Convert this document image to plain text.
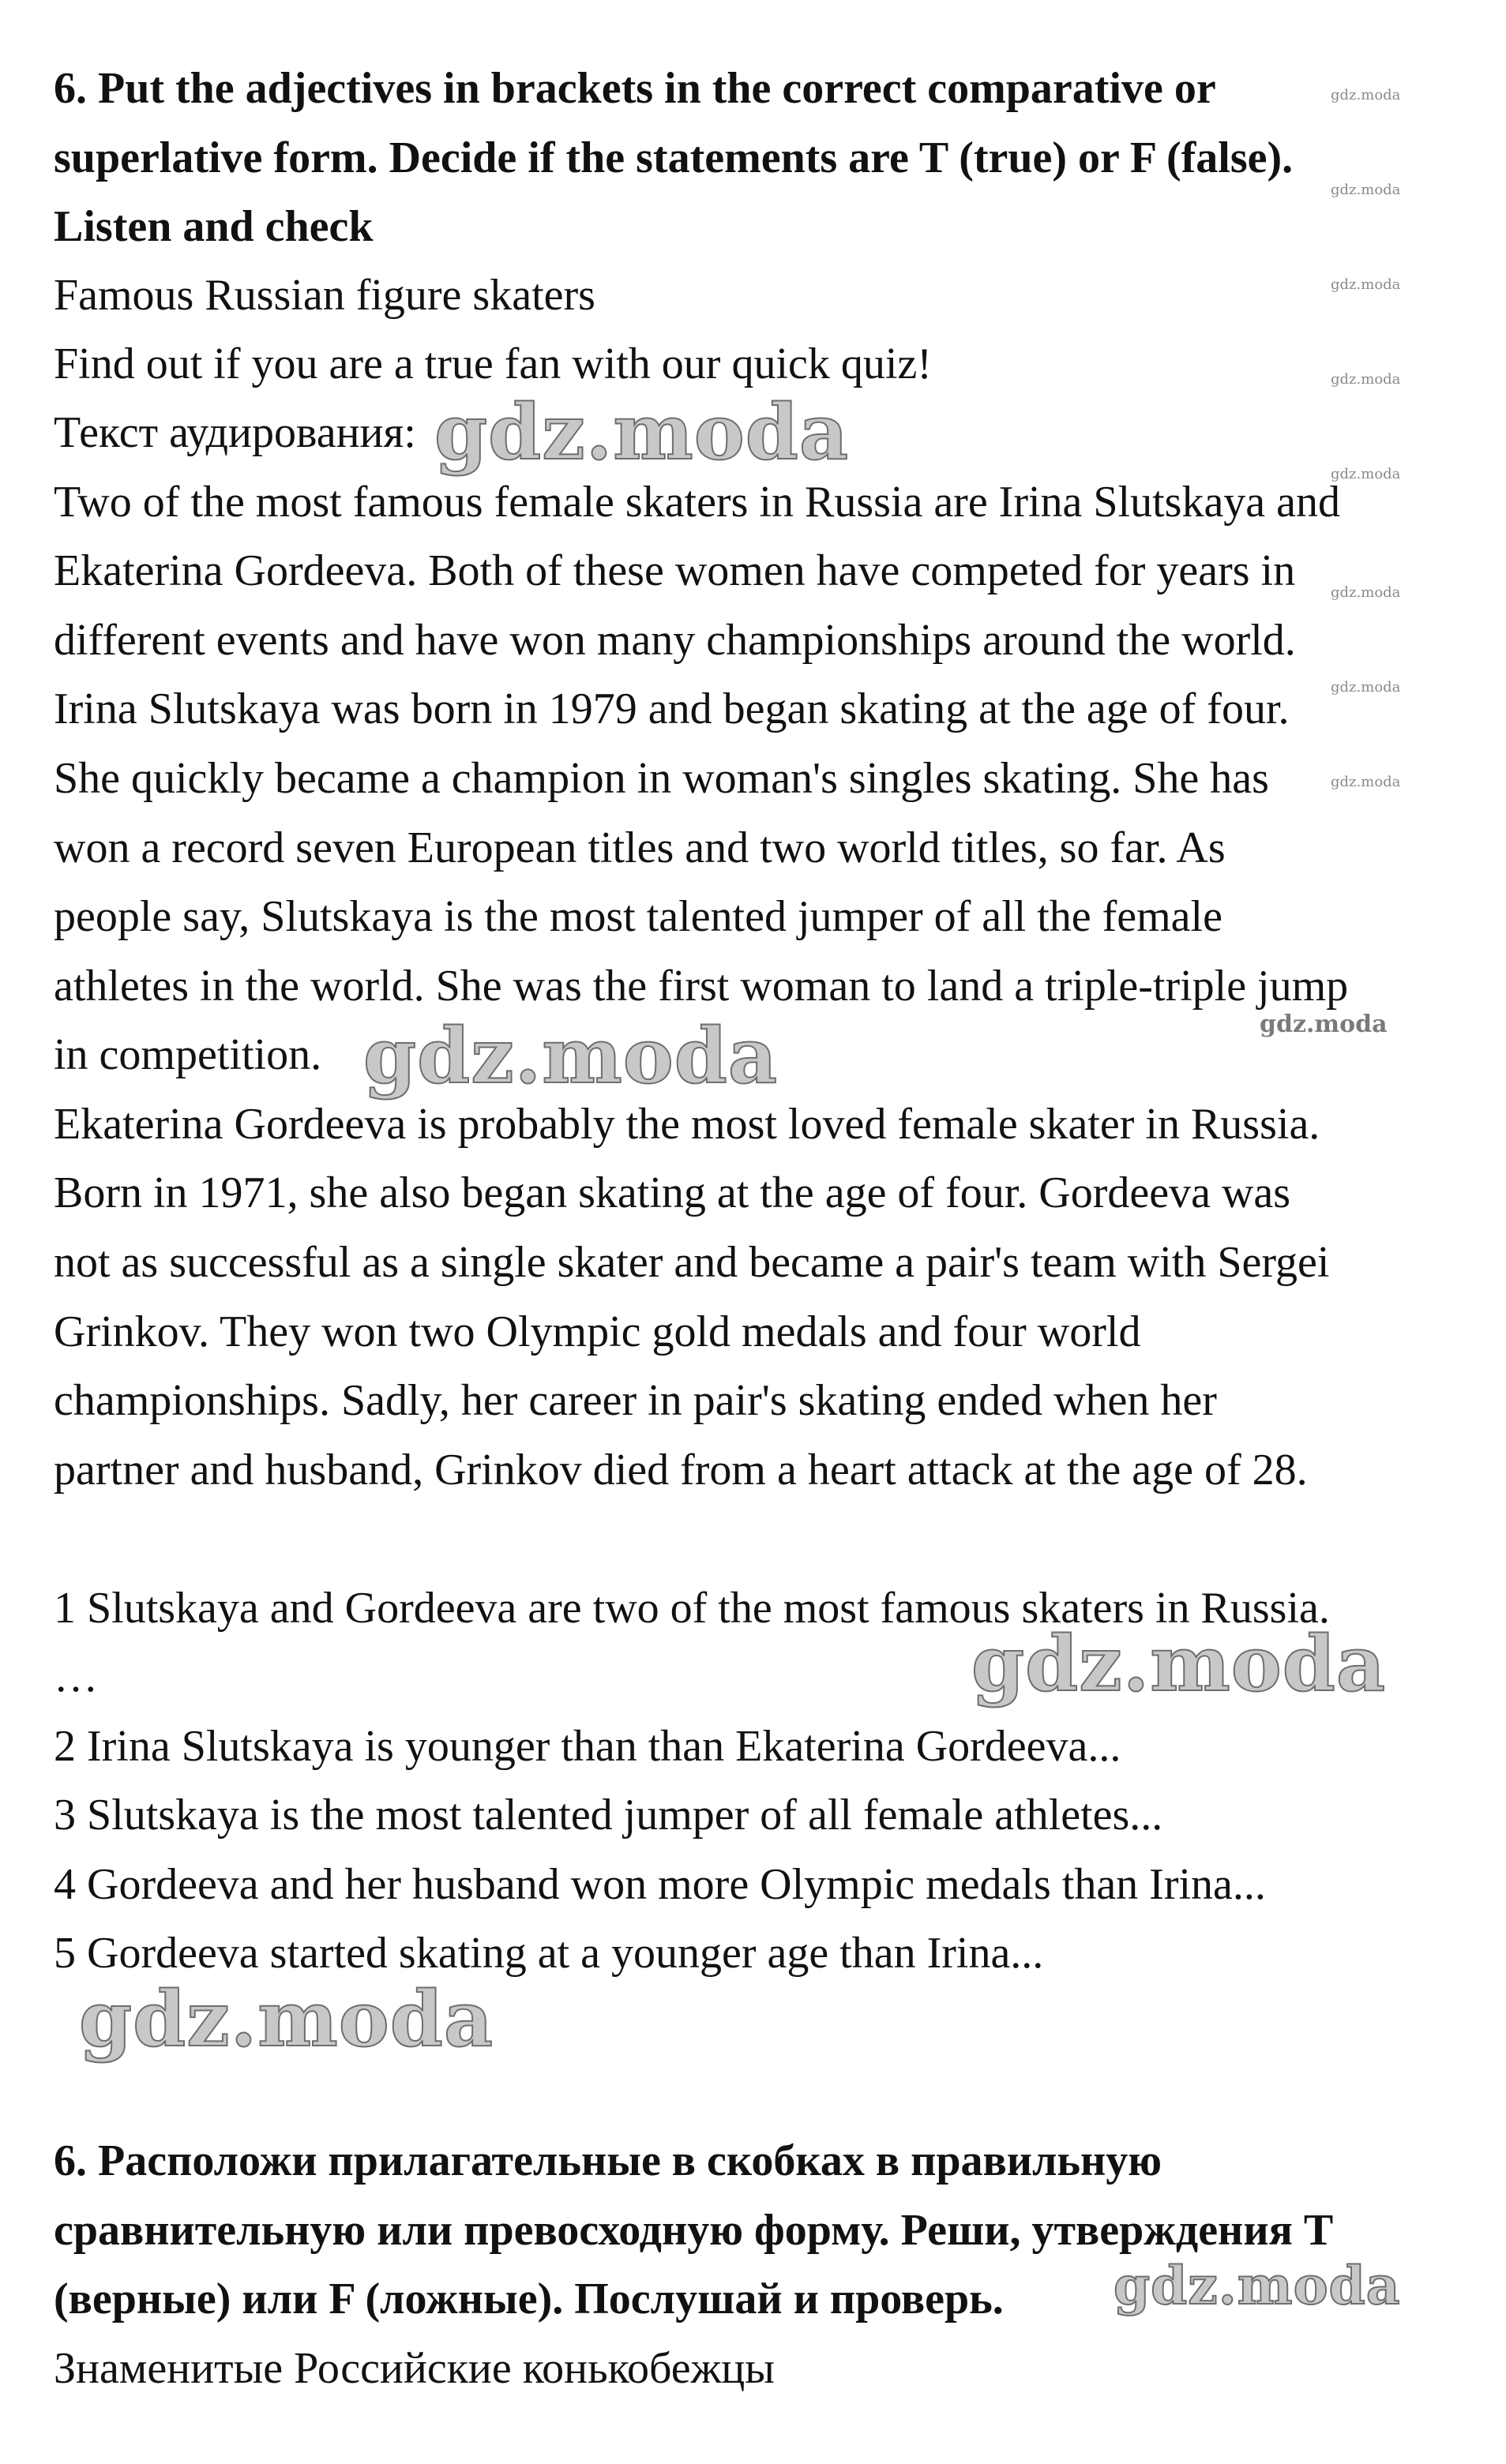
6. Put the adjectives in brackets in the correct comparative or

superlative form. Decide if the statements are T (true) or F (false).

Listen and check

Famous Russian figure skaters

Find out if you are a true fan with our quick quiz!

Текст аудирования:

Two of the most famous female skaters in Russia are Irina Slutskaya and

Ekaterina Gordeeva. Both of these women have competed for years in

different events and have won many championships around the world.

Irina Slutskaya was born in 1979 and began skating at the age of four.

She quickly became a champion in woman's singles skating. She has

won a record seven European titles and two world titles, so far. As

people say, Slutskaya is the most talented jumper of all the female

athletes in the world. She was the first woman to land a triple-triple jump

in competition.

Ekaterina Gordeeva is probably the most loved female skater in Russia.

Born in 1971, she also began skating at the age of four. Gordeeva was

not as successful as a single skater and became a pair's team with Sergei

Grinkov. They won two Olympic gold medals and four world

championships. Sadly, her career in pair's skating ended when her

partner and husband, Grinkov died from a heart attack at the age of 28.

1 Slutskaya and Gordeeva are two of the most famous skaters in Russia.

…

2 Irina Slutskaya is younger than than Ekaterina Gordeeva...

3 Slutskaya is the most talented jumper of all female athletes...

4 Gordeeva and her husband won more Olympic medals than Irina...

5 Gordeeva started skating at a younger age than Irina...

6. Расположи прилагательные в скобках в правильную

сравнительную или превосходную форму. Реши, утверждения T

(верные) или F (ложные). Послушай и проверь.

Знаменитые Российские конькобежцы

gdz.moda
gdz.moda
gdz.moda
gdz.moda
gdz.moda
gdz.moda
gdz.moda
gdz.moda
gdz.moda
gdz.moda
gdz.moda
gdz.moda
gdz.moda
gdz.moda
